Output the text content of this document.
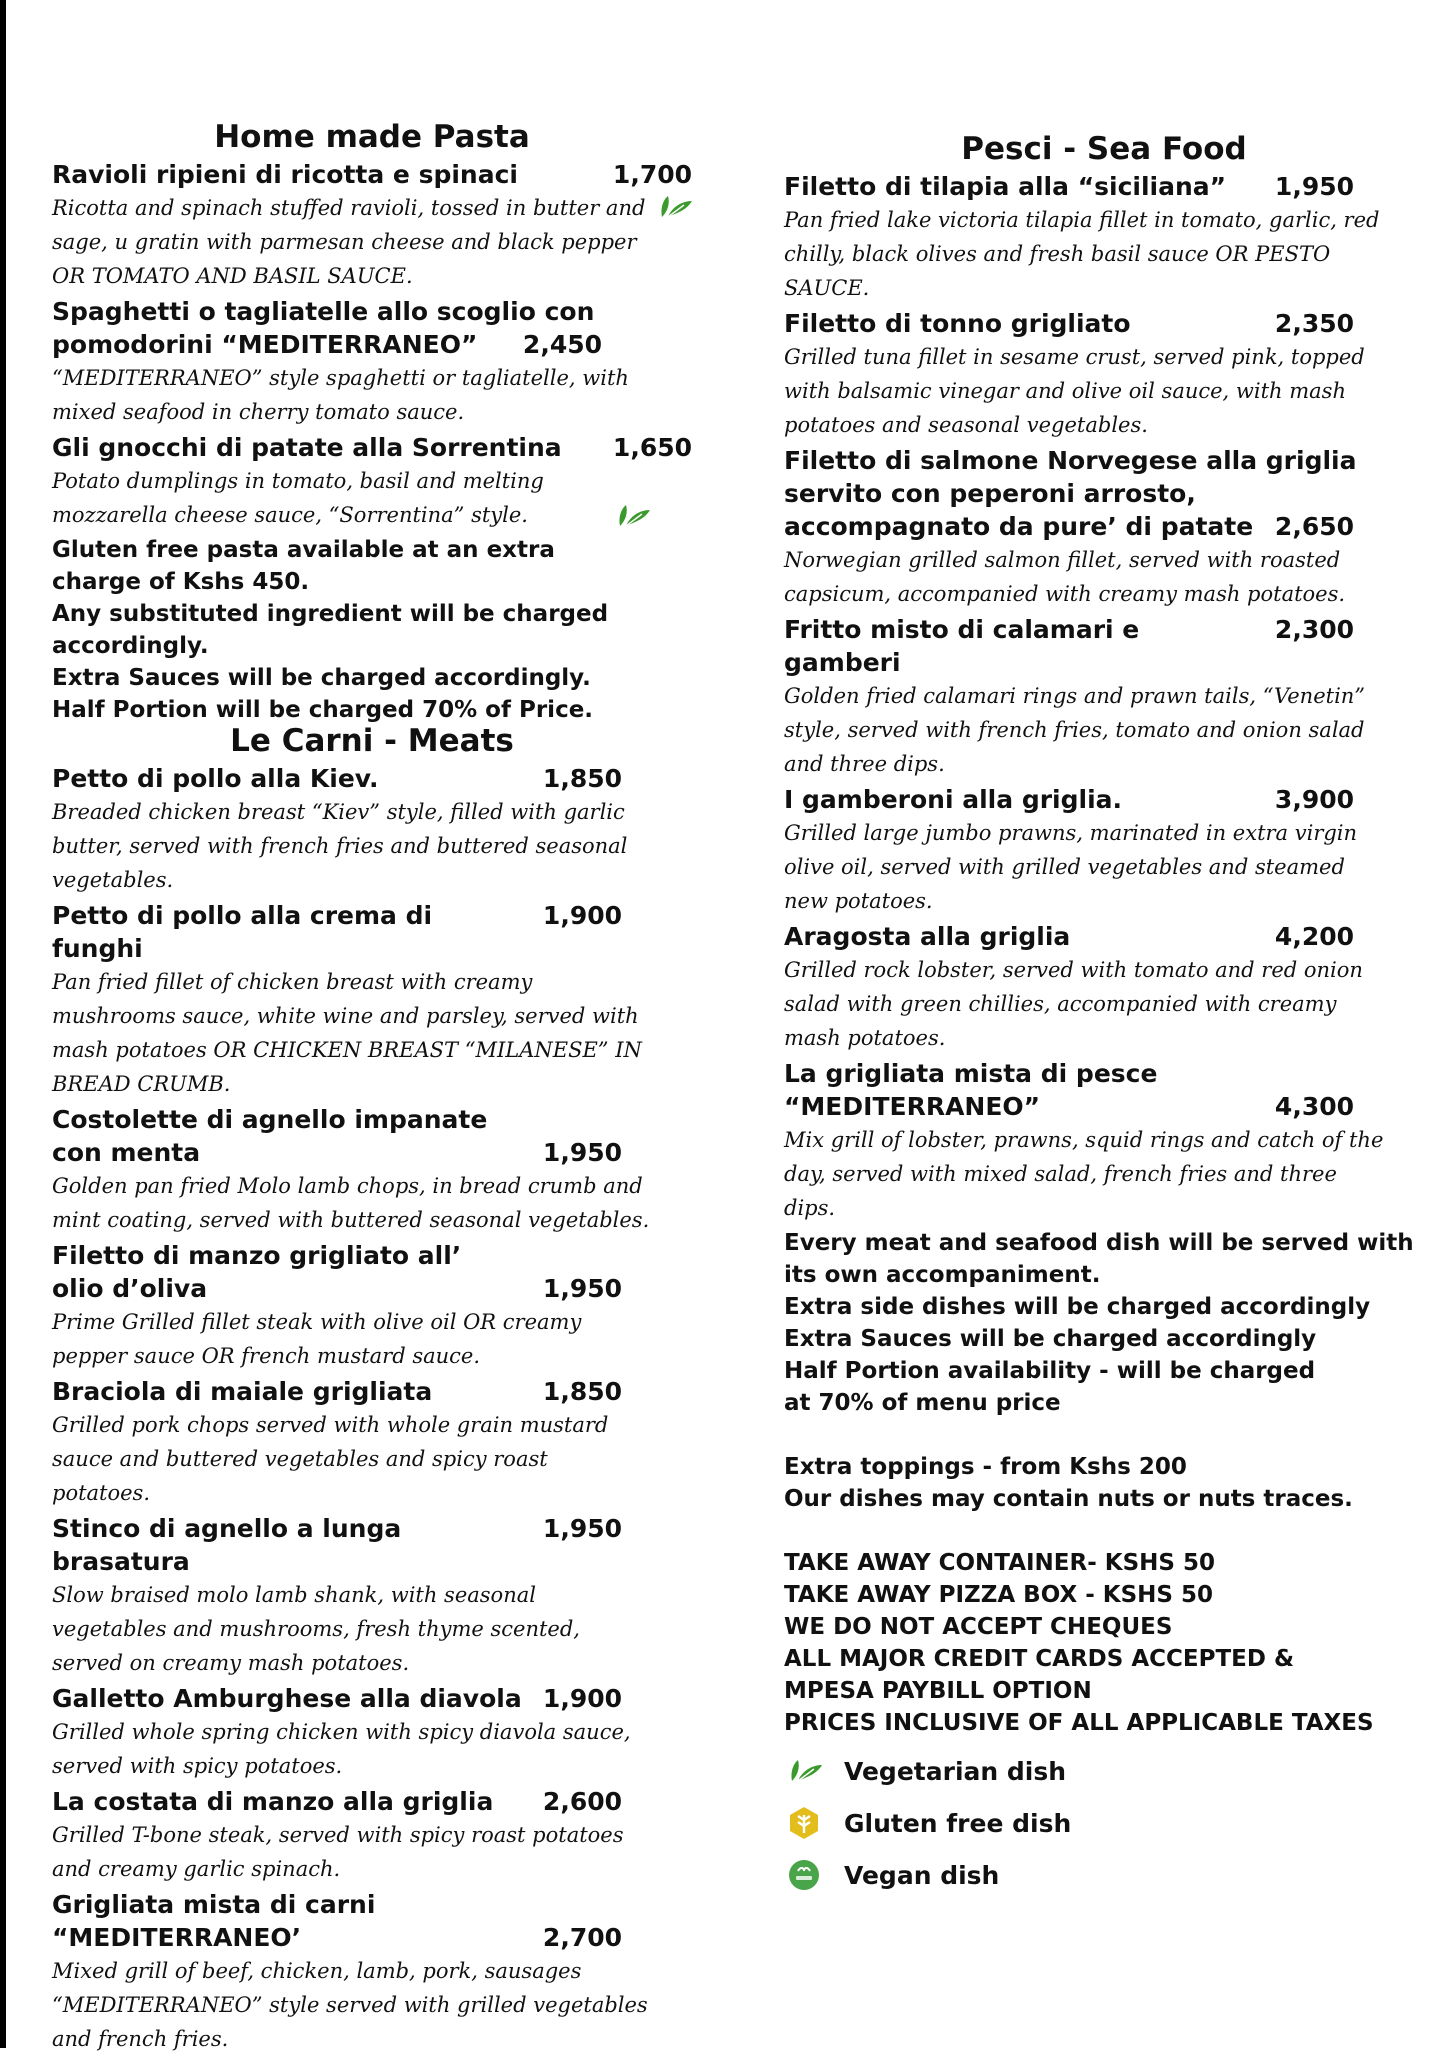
Home made Pasta
Ravioli ripieni di ricotta e spinaci	1,700
Ricotta and spinach stuffed ravioli, tossed in butter and sage, u gratin with parmesan cheese and black pepper OR TOMATO AND BASIL SAUCE.
Spaghetti o tagliatelle allo scoglio con
pomodorini “MEDITERRANEO” 2,450
“MEDITERRANEO” style spaghetti or tagliatelle, with mixed seafood in cherry tomato sauce.
Gli gnocchi di patate alla Sorrentina 1,650
Potato dumplings in tomato, basil and melting mozzarella cheese sauce, “Sorrentina” style.
Gluten free pasta available at an extra charge of Kshs 450.
Any substituted ingredient will be charged accordingly.
Extra Sauces will be charged accordingly.
Half Portion will be charged 70% of Price.
Le Carni - Meats
Petto di pollo alla Kiev.	1,850
Breaded chicken breast “Kiev” style, filled with garlic butter, served with french fries and buttered seasonal vegetables.
Petto di pollo alla crema di funghi
1,900
Pan fried fillet of chicken breast with creamy mushrooms sauce, white wine and parsley, served with mash potatoes OR CHICKEN BREAST “MILANESE” IN BREAD CRUMB.
Costolette di agnello impanate
con menta	1,950
Golden pan fried Molo lamb chops, in bread crumb and mint coating, served with buttered seasonal vegetables.
Filetto di manzo grigliato all’
olio d’oliva	1,950
Prime Grilled fillet steak with olive oil OR creamy pepper sauce OR french mustard sauce.
Braciola di maiale grigliata	1,850
Grilled pork chops served with whole grain mustard sauce and buttered vegetables and spicy roast potatoes.
Stinco di agnello a lunga brasatura
1,950
Slow braised molo lamb shank, with seasonal vegetables and mushrooms, fresh thyme scented, served on creamy mash potatoes.
Galletto Amburghese alla diavola 1,900
Grilled whole spring chicken with spicy diavola sauce, served with spicy potatoes.
La costata di manzo alla griglia 2,600
Grilled T-bone steak, served with spicy roast potatoes and creamy garlic spinach.
Grigliata mista di carni
“MEDITERRANEO’	2,700
Mixed grill of beef, chicken, lamb, pork, sausages “MEDITERRANEO” style served with grilled vegetables and french fries.
Pesci - Sea Food
Filetto di tilapia alla “siciliana” 1,950
Pan fried lake victoria tilapia fillet in tomato, garlic, red chilly, black olives and fresh basil sauce OR PESTO SAUCE.
Filetto di tonno grigliato	2,350
Grilled tuna fillet in sesame crust, served pink, topped with balsamic vinegar and olive oil sauce, with mash potatoes and seasonal vegetables.
Filetto di salmone Norvegese alla griglia
servito con peperoni arrosto,
accompagnato da pure’ di patate 2,650
Norwegian grilled salmon fillet, served with roasted capsicum, accompanied with creamy mash potatoes.
Fritto misto di calamari e gamberi
2,300
Golden fried calamari rings and prawn tails, “Venetin” style, served with french fries, tomato and onion salad and three dips.
I gamberoni alla griglia.	3,900
Grilled large jumbo prawns, marinated in extra virgin olive oil, served with grilled vegetables and steamed new potatoes.
Aragosta alla griglia	4,200
Grilled rock lobster, served with tomato and red onion salad with green chillies, accompanied with creamy mash potatoes.
La grigliata mista di pesce
“MEDITERRANEO”	4,300
Mix grill of lobster, prawns, squid rings and catch of the day, served with mixed salad, french fries and three dips.
Every meat and seafood dish will be served with its own accompaniment.
Extra side dishes will be charged accordingly
Extra Sauces will be charged accordingly
Half Portion availability - will be charged at 70% of menu price
Extra toppings - from Kshs 200
Our dishes may contain nuts or nuts traces.
TAKE AWAY CONTAINER- KSHS 50
TAKE AWAY PIZZA BOX - KSHS 50
WE DO NOT ACCEPT CHEQUES
ALL MAJOR CREDIT CARDS ACCEPTED & MPESA PAYBILL OPTION
PRICES INCLUSIVE OF ALL APPLICABLE TAXES
Vegetarian dish
Gluten free dish
Vegan dish
